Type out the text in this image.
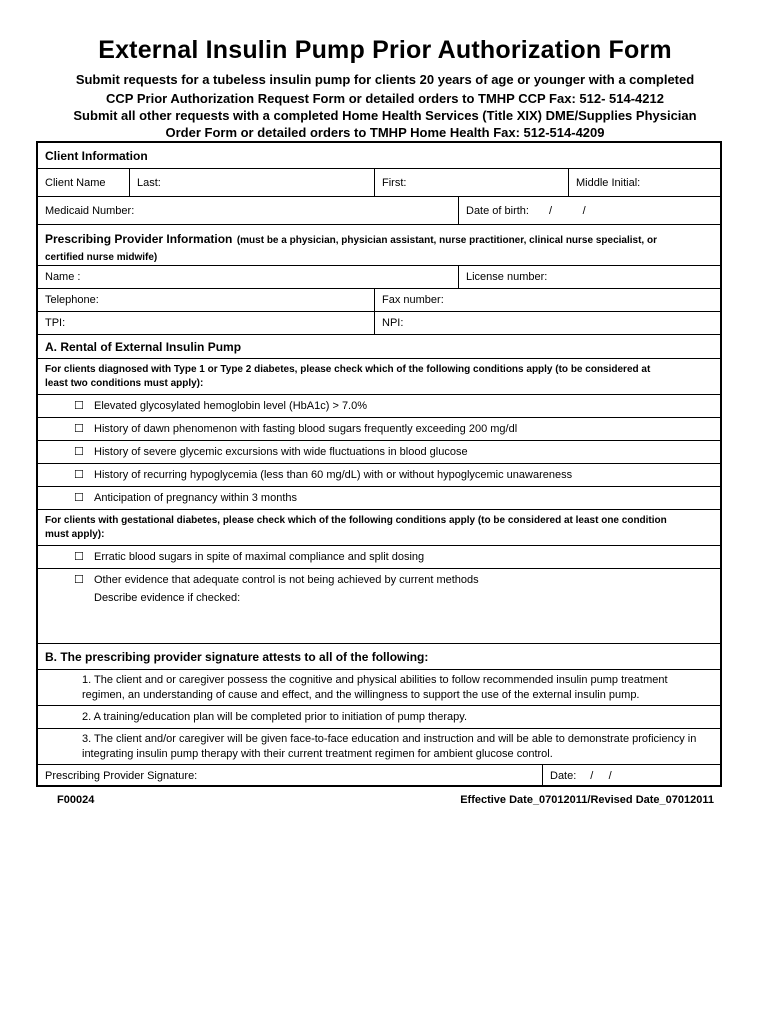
External Insulin Pump Prior Authorization Form
Submit requests for a tubeless insulin pump for clients 20 years of age or younger with a completed
CCP Prior Authorization Request Form or detailed orders to TMHP CCP Fax: 512- 514-4212
Submit all other requests with a completed Home Health Services (Title XIX) DME/Supplies Physician
Order Form or detailed orders to TMHP Home Health Fax: 512-514-4209
Client Information
Client Name	Last:	First:	Middle Initial:
Medicaid Number:	Date of birth: /          /
Prescribing Provider Information (must be a physician, physician assistant, nurse practitioner, clinical nurse specialist, or
certified nurse midwife)
Name :	License number:
Telephone:	Fax number:
TPI:	NPI:
A. Rental of External Insulin Pump
For clients diagnosed with Type 1 or Type 2 diabetes, please check which of the following conditions apply (to be considered at
least two conditions must apply):
☐ Elevated glycosylated hemoglobin level (HbA1c) > 7.0%
☐ History of dawn phenomenon with fasting blood sugars frequently exceeding 200 mg/dl
☐ History of severe glycemic excursions with wide fluctuations in blood glucose
☐ History of recurring hypoglycemia (less than 60 mg/dL) with or without hypoglycemic unawareness
☐ Anticipation of pregnancy within 3 months
For clients with gestational diabetes, please check which of the following conditions apply (to be considered at least one condition
must apply):
☐ Erratic blood sugars in spite of maximal compliance and split dosing
☐ Other evidence that adequate control is not being achieved by current methods
Describe evidence if checked:
B. The prescribing provider signature attests to all of the following:
1. The client and or caregiver possess the cognitive and physical abilities to follow recommended insulin pump treatment
regimen, an understanding of cause and effect, and the willingness to support the use of the external insulin pump.
2. A training/education plan will be completed prior to initiation of pump therapy.
3. The client and/or caregiver will be given face-to-face education and instruction and will be able to demonstrate proficiency in
integrating insulin pump therapy with their current treatment regimen for ambient glucose control.
Prescribing Provider Signature:	Date: /     /
F00024	Effective Date_07012011/Revised Date_07012011
